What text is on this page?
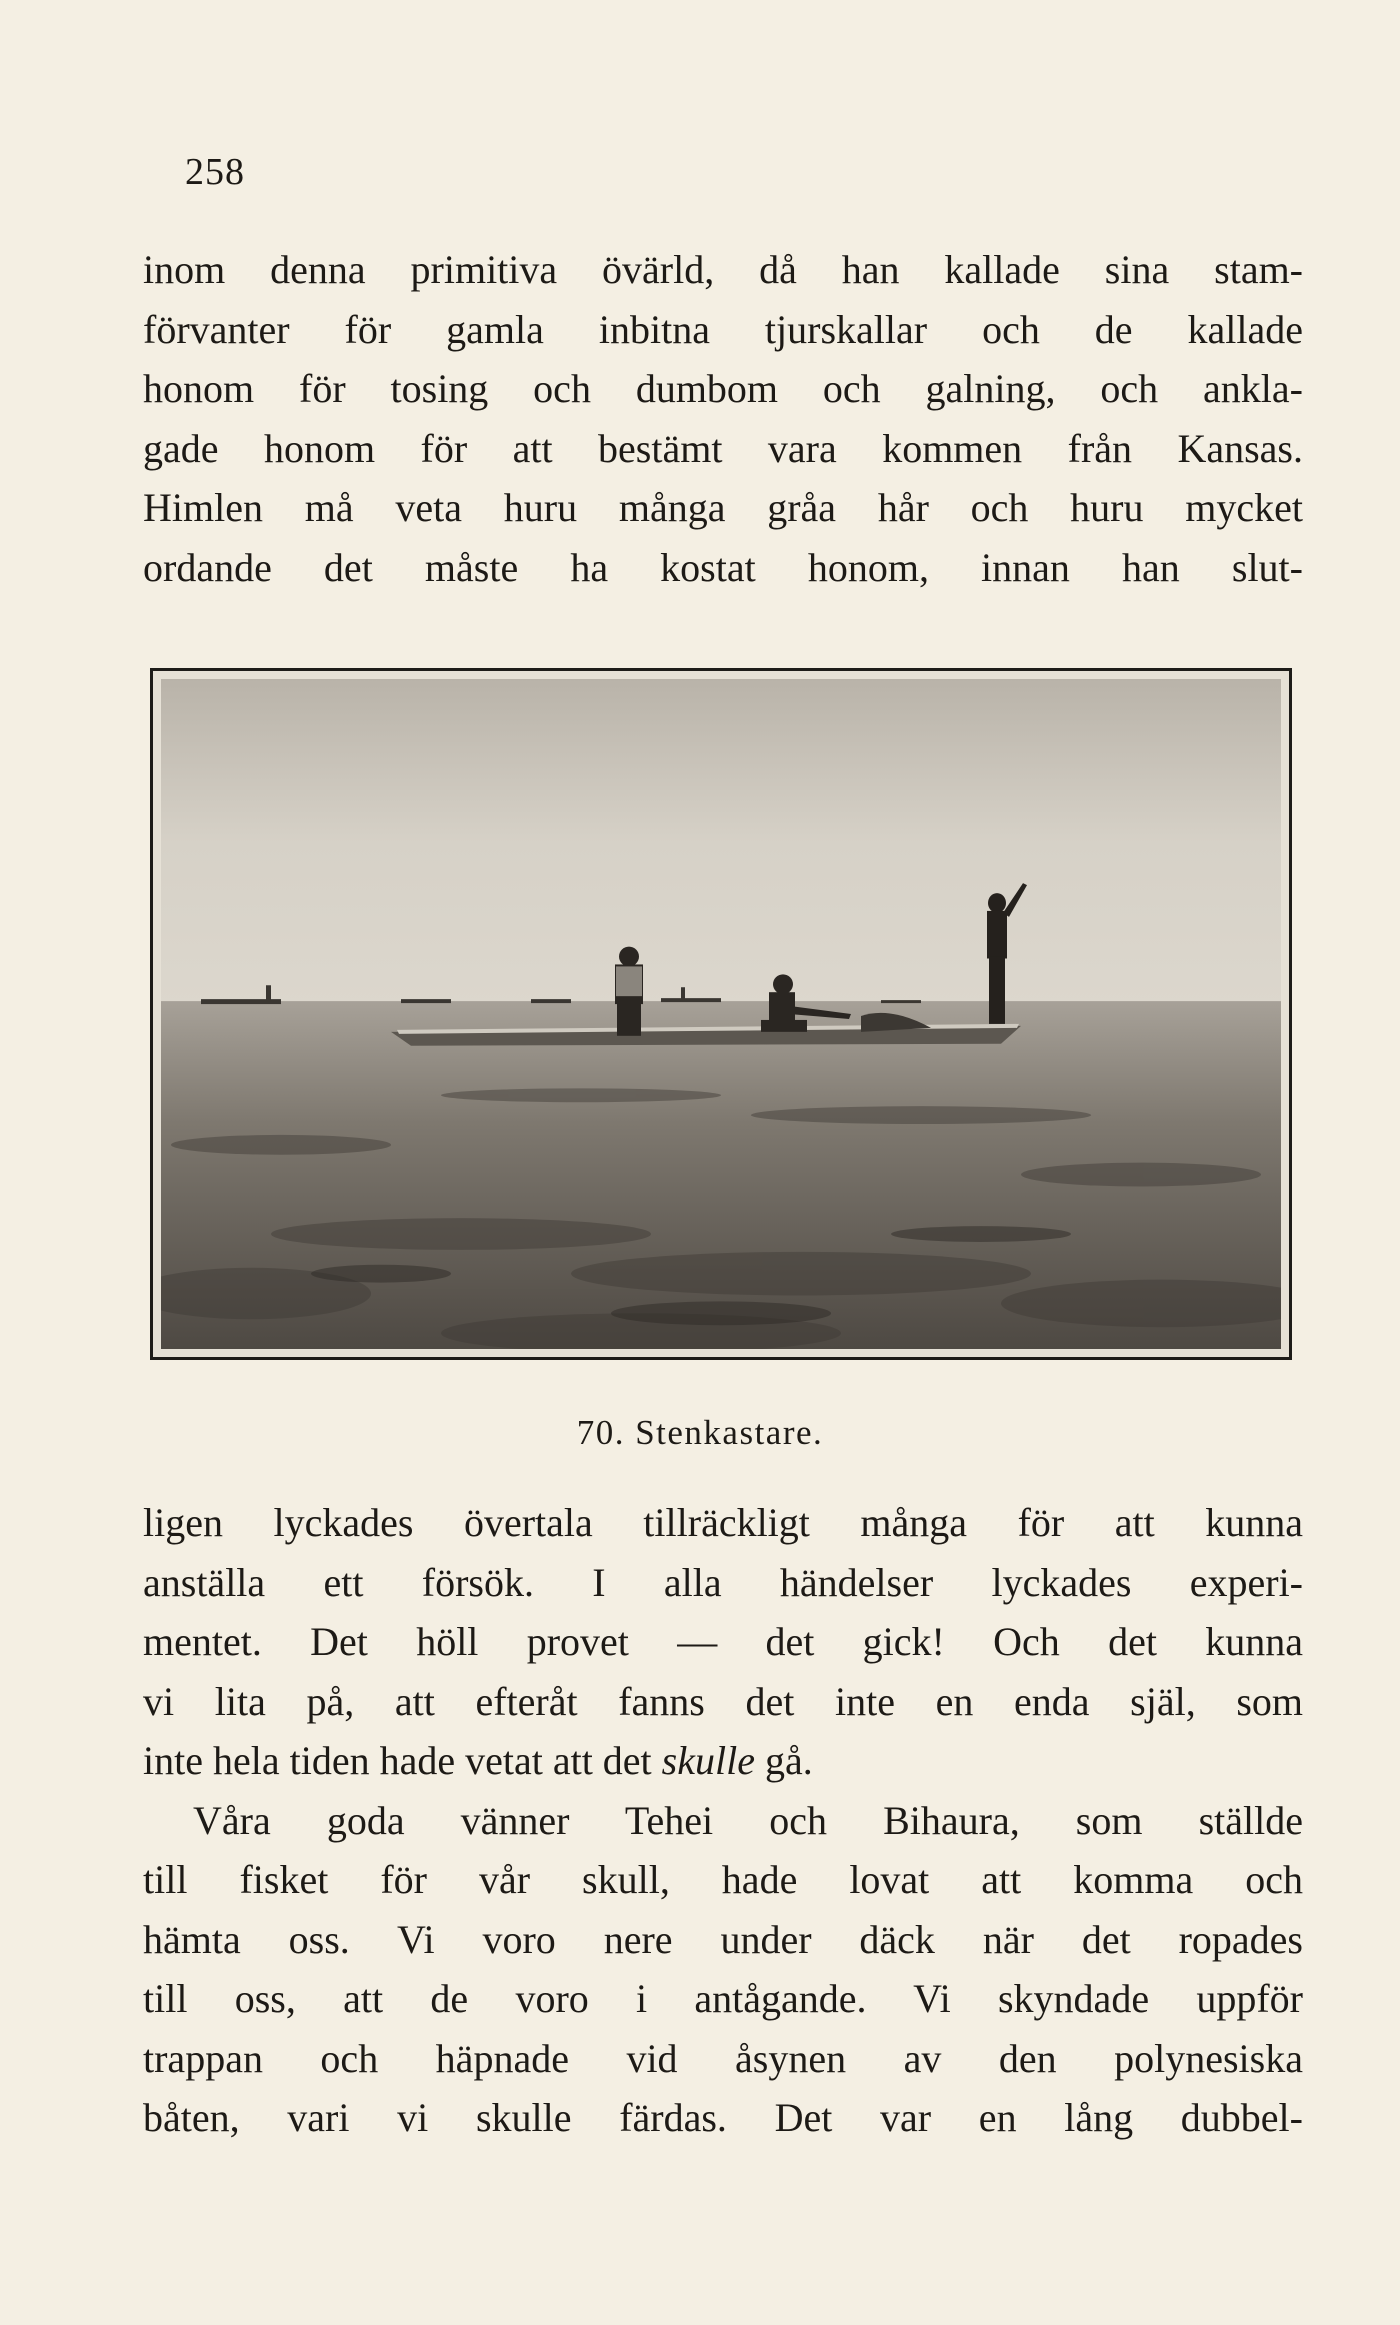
258

inom denna primitiva övärld, då han kallade sina stam-
förvanter för gamla inbitna tjurskallar och de kallade
honom för tosing och dumbom och galning, och ankla-
gade honom för att bestämt vara kommen från Kansas.
Himlen må veta huru många gråa hår och huru mycket
ordande det måste ha kostat honom, innan han slut-

70. Stenkastare.

ligen lyckades övertala tillräckligt många för att kunna
anställa ett försök. I alla händelser lyckades experi-
mentet. Det höll provet — det gick! Och det kunna
vi lita på, att efteråt fanns det inte en enda själ, som
inte hela tiden hade vetat att det skulle gå.
Våra goda vänner Tehei och Bihaura, som ställde
till fisket för vår skull, hade lovat att komma och
hämta oss. Vi voro nere under däck när det ropades
till oss, att de voro i antågande. Vi skyndade uppför
trappan och häpnade vid åsynen av den polynesiska
båten, vari vi skulle färdas. Det var en lång dubbel-
